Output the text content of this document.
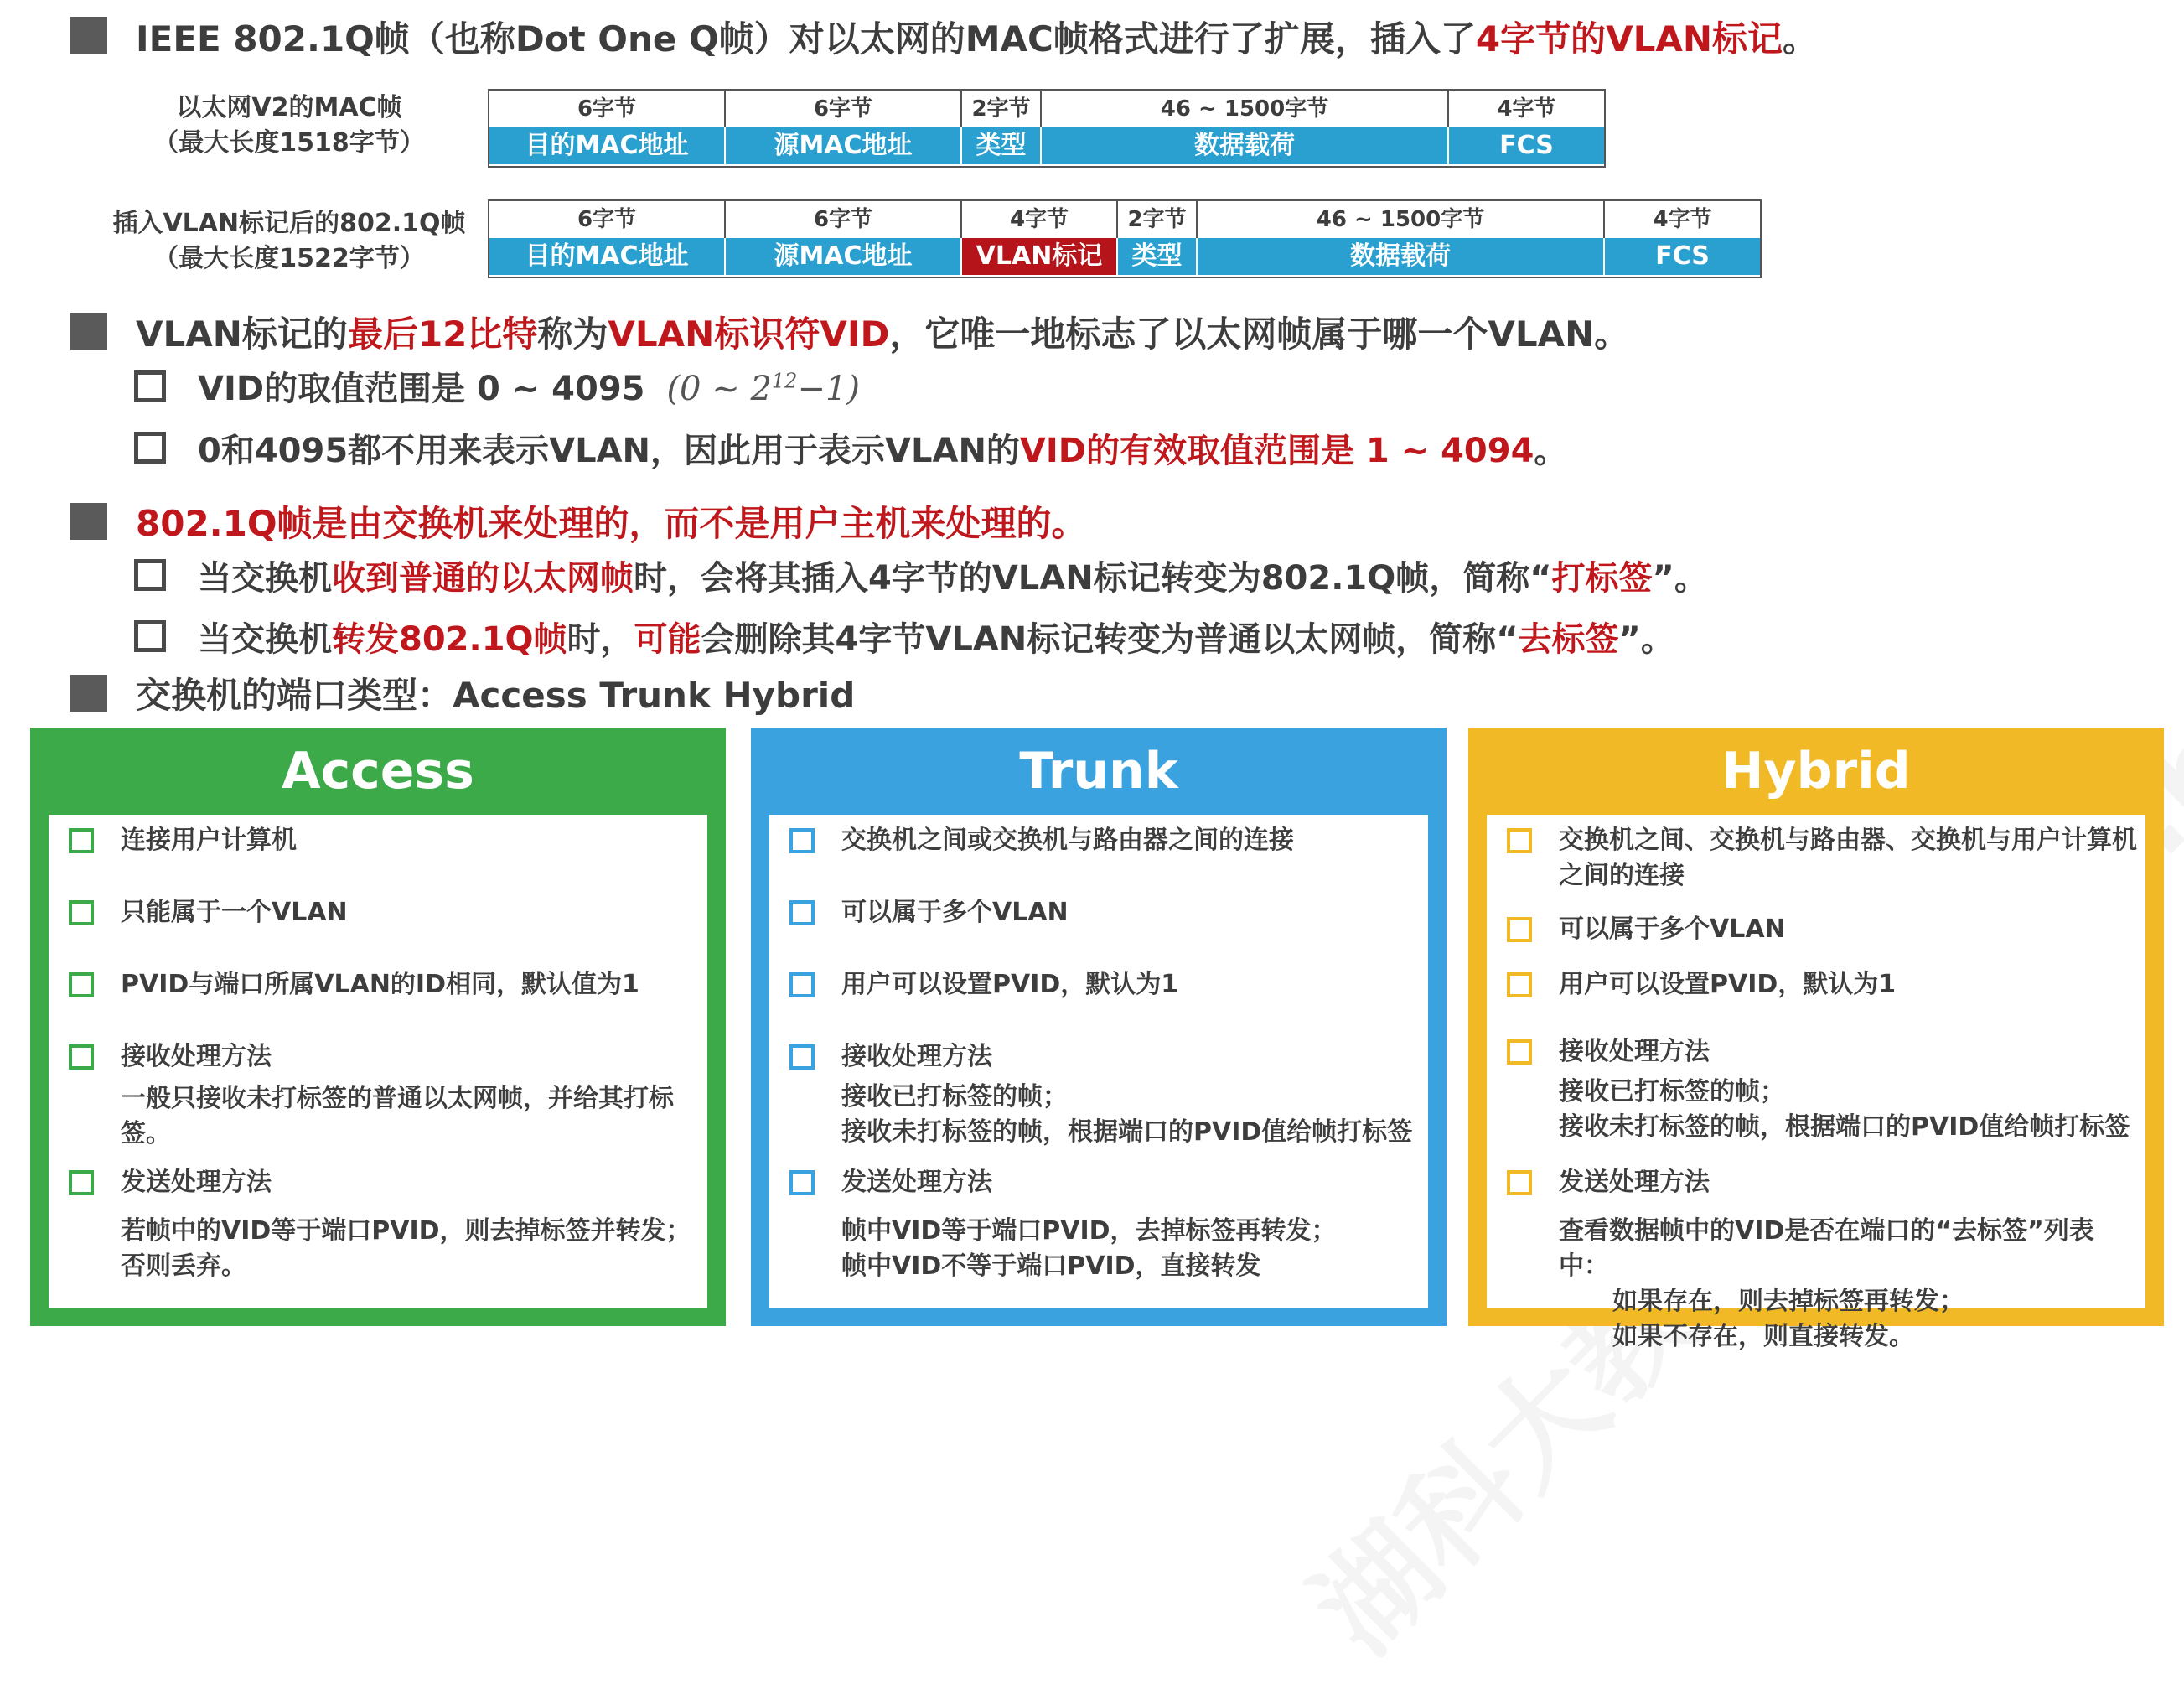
IEEE 802.1Q帧（也称Dot One Q帧）对以太网的MAC帧格式进行了扩展，插入了4字节的VLAN标记。
以太网V2的MAC帧
（最大长度1518字节）
6字节	6字节	2字节	46 ~ 1500字节	4字节
目的MAC地址	源MAC地址	类型	数据载荷	FCS
插入VLAN标记后的802.1Q帧
（最大长度1522字节）
6字节	6字节	4字节	2字节	46 ~ 1500字节	4字节
目的MAC地址	源MAC地址	VLAN标记	类型	数据载荷	FCS
VLAN标记的最后12比特称为VLAN标识符VID，它唯一地标志了以太网帧属于哪一个VLAN。
VID的取值范围是 0 ~ 4095 (0 ~ $2^{12}-1$)
0和4095都不用来表示VLAN，因此用于表示VLAN的VID的有效取值范围是 1 ~ 4094。
802.1Q帧是由交换机来处理的，而不是用户主机来处理的。
当交换机收到普通的以太网帧时，会将其插入4字节的VLAN标记转变为802.1Q帧，简称“打标签”。
当交换机转发802.1Q帧时，可能会删除其4字节VLAN标记转变为普通以太网帧，简称“去标签”。
交换机的端口类型：Access Trunk Hybrid
Access
连接用户计算机
只能属于一个VLAN
PVID与端口所属VLAN的ID相同，默认值为1
接收处理方法
一般只接收未打标签的普通以太网帧，并给其打标签。
发送处理方法
若帧中的VID等于端口PVID，则去掉标签并转发；
否则丢弃。
Trunk
交换机之间或交换机与路由器之间的连接
可以属于多个VLAN
用户可以设置PVID，默认为1
接收处理方法
接收已打标签的帧；
接收未打标签的帧，根据端口的PVID值给帧打标签
发送处理方法
帧中VID等于端口PVID，去掉标签再转发；
帧中VID不等于端口PVID，直接转发
Hybrid
交换机之间、交换机与路由器、交换机与用户计算机
之间的连接
可以属于多个VLAN
用户可以设置PVID，默认为1
接收处理方法
接收已打标签的帧；
接收未打标签的帧，根据端口的PVID值给帧打标签
发送处理方法
查看数据帧中的VID是否在端口的“去标签”列表中：
如果存在，则去掉标签再转发；
如果不存在，则直接转发。
